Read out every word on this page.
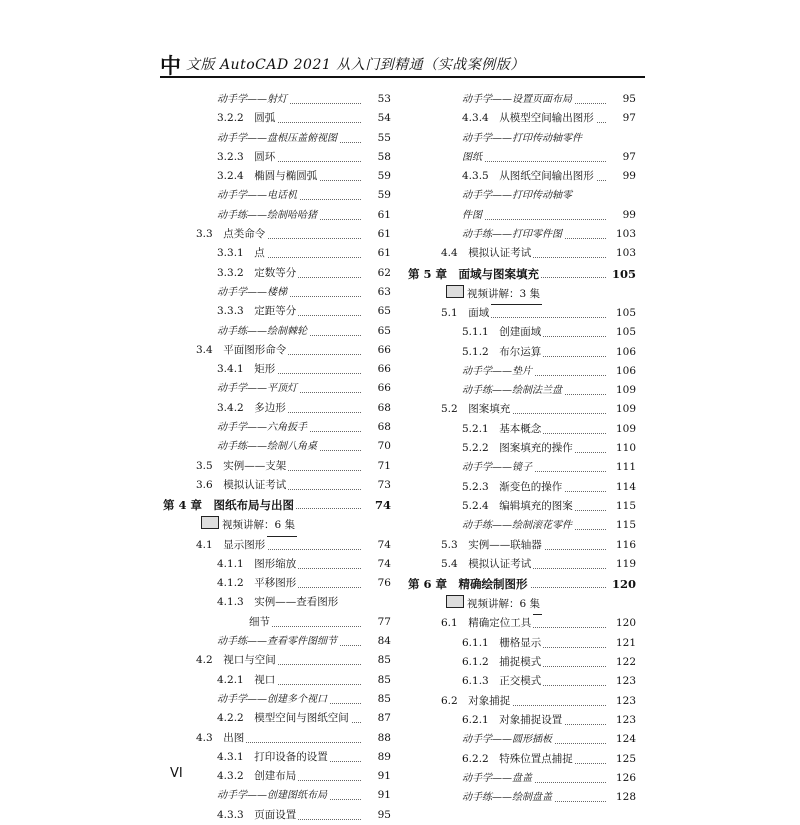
中 文版 AutoCAD 2021 从入门到精通（实战案例版）
动手学——射灯	53
3.2.2　圆弧	54
动手学——盘根压盖俯视图	55
3.2.3　圆环	58
3.2.4　椭圆与椭圆弧	59
动手学——电话机	59
动手练——绘制哈哈猪	61
3.3　点类命令	61
3.3.1　点	61
3.3.2　定数等分	62
动手学——楼梯	63
3.3.3　定距等分	65
动手练——绘制棘轮	65
3.4　平面图形命令	66
3.4.1　矩形	66
动手学——平顶灯	66
3.4.2　多边形	68
动手学——六角扳手	68
动手练——绘制八角桌	70
3.5　实例——支架	71
3.6　模拟认证考试	73
第 4 章　图纸布局与出图	74
视频讲解：6 集
4.1　显示图形	74
4.1.1　图形缩放	74
4.1.2　平移图形	76
4.1.3　实例——查看图形
细节	77
动手练——查看零件图细节	84
4.2　视口与空间	85
4.2.1　视口	85
动手学——创建多个视口	85
4.2.2　模型空间与图纸空间	87
4.3　出图	88
4.3.1　打印设备的设置	89
4.3.2　创建布局	91
动手学——创建图纸布局	91
4.3.3　页面设置	95
动手学——设置页面布局	95
4.3.4　从模型空间输出图形	97
动手学——打印传动轴零件
图纸	97
4.3.5　从图纸空间输出图形	99
动手学——打印传动轴零
件图	99
动手练——打印零件图	103
4.4　模拟认证考试	103
第 5 章　面域与图案填充	105
视频讲解：3 集
5.1　面域	105
5.1.1　创建面域	105
5.1.2　布尔运算	106
动手学——垫片	106
动手练——绘制法兰盘	109
5.2　图案填充	109
5.2.1　基本概念	109
5.2.2　图案填充的操作	110
动手学——镜子	111
5.2.3　渐变色的操作	114
5.2.4　编辑填充的图案	115
动手练——绘制滚花零件	115
5.3　实例——联轴器	116
5.4　模拟认证考试	119
第 6 章　精确绘制图形	120
视频讲解：6 集
6.1　精确定位工具	120
6.1.1　栅格显示	121
6.1.2　捕捉模式	122
6.1.3　正交模式	123
6.2　对象捕捉	123
6.2.1　对象捕捉设置	123
动手学——圆形插板	124
6.2.2　特殊位置点捕捉	125
动手学——盘盖	126
动手练——绘制盘盖	128
VI
